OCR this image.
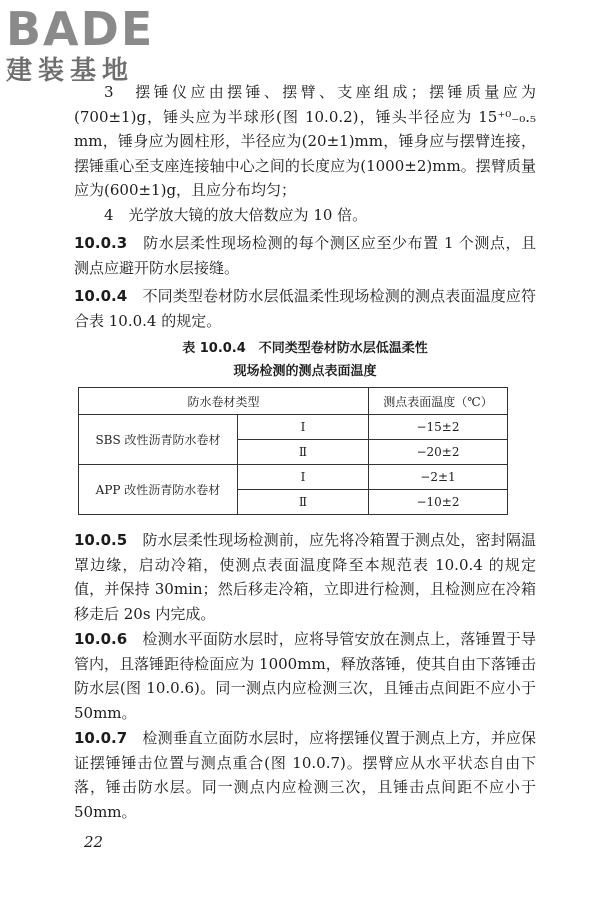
BADE
建装基地

3　摆锤仪应由摆锤、摆臂、支座组成；摆锤质量应为(700±1)g，锤头应为半球形(图 10.0.2)，锤头半径应为 15⁺⁰₋₀.₅ mm，锤身应为圆柱形，半径应为(20±1)mm，锤身应与摆臂连接，摆锤重心至支座连接轴中心之间的长度应为(1000±2)mm。摆臂质量应为(600±1)g，且应分布均匀；

4　光学放大镜的放大倍数应为 10 倍。

10.0.3　防水层柔性现场检测的每个测区应至少布置 1 个测点，且测点应避开防水层接缝。

10.0.4　不同类型卷材防水层低温柔性现场检测的测点表面温度应符合表 10.0.4 的规定。

表 10.0.4　不同类型卷材防水层低温柔性
现场检测的测点表面温度
防水卷材类型		测点表面温度（℃）
SBS 改性沥青防水卷材	Ⅰ	−15±2
	Ⅱ	−20±2
APP 改性沥青防水卷材	Ⅰ	−2±1
	Ⅱ	−10±2

10.0.5　防水层柔性现场检测前，应先将冷箱置于测点处，密封隔温罩边缘，启动冷箱，使测点表面温度降至本规范表 10.0.4 的规定值，并保持 30min；然后移走冷箱，立即进行检测，且检测应在冷箱移走后 20s 内完成。

10.0.6　检测水平面防水层时，应将导管安放在测点上，落锤置于导管内，且落锤距待检面应为 1000mm，释放落锤，使其自由下落锤击防水层(图 10.0.6)。同一测点内应检测三次，且锤击点间距不应小于 50mm。

10.0.7　检测垂直立面防水层时，应将摆锤仪置于测点上方，并应保证摆锤锤击位置与测点重合(图 10.0.7)。摆臂应从水平状态自由下落，锤击防水层。同一测点内应检测三次，且锤击点间距不应小于 50mm。

22
